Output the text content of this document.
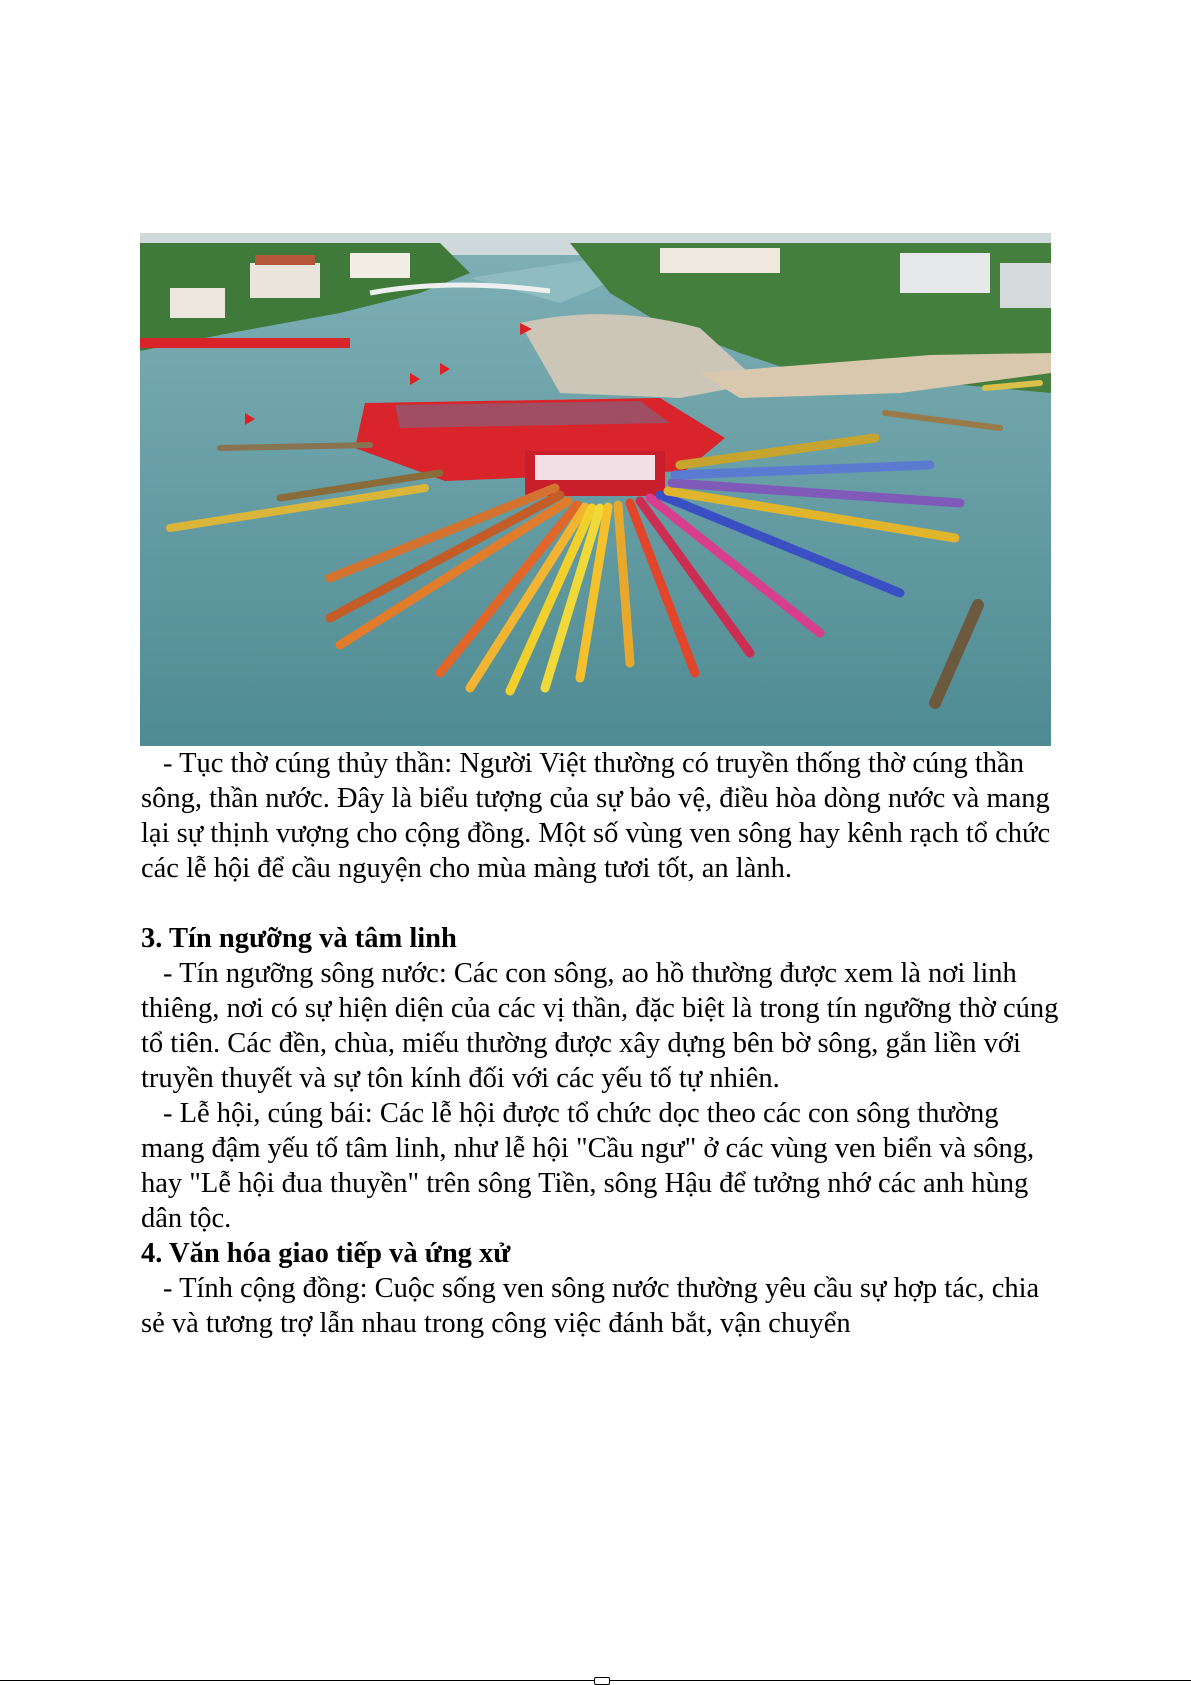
- Tục thờ cúng thủy thần: Người Việt thường có truyền thống thờ cúng thần sông, thần nước. Đây là biểu tượng của sự bảo vệ, điều hòa dòng nước và mang lại sự thịnh vượng cho cộng đồng. Một số vùng ven sông hay kênh rạch tổ chức các lễ hội để cầu nguyện cho mùa màng tươi tốt, an lành.

3. Tín ngưỡng và tâm linh

- Tín ngưỡng sông nước: Các con sông, ao hồ thường được xem là nơi linh thiêng, nơi có sự hiện diện của các vị thần, đặc biệt là trong tín ngưỡng thờ cúng tổ tiên. Các đền, chùa, miếu thường được xây dựng bên bờ sông, gắn liền với truyền thuyết và sự tôn kính đối với các yếu tố tự nhiên.

- Lễ hội, cúng bái: Các lễ hội được tổ chức dọc theo các con sông thường mang đậm yếu tố tâm linh, như lễ hội "Cầu ngư" ở các vùng ven biển và sông, hay "Lễ hội đua thuyền" trên sông Tiền, sông Hậu để tưởng nhớ các anh hùng dân tộc.

4. Văn hóa giao tiếp và ứng xử

- Tính cộng đồng: Cuộc sống ven sông nước thường yêu cầu sự hợp tác, chia sẻ và tương trợ lẫn nhau trong công việc đánh bắt, vận chuyển
